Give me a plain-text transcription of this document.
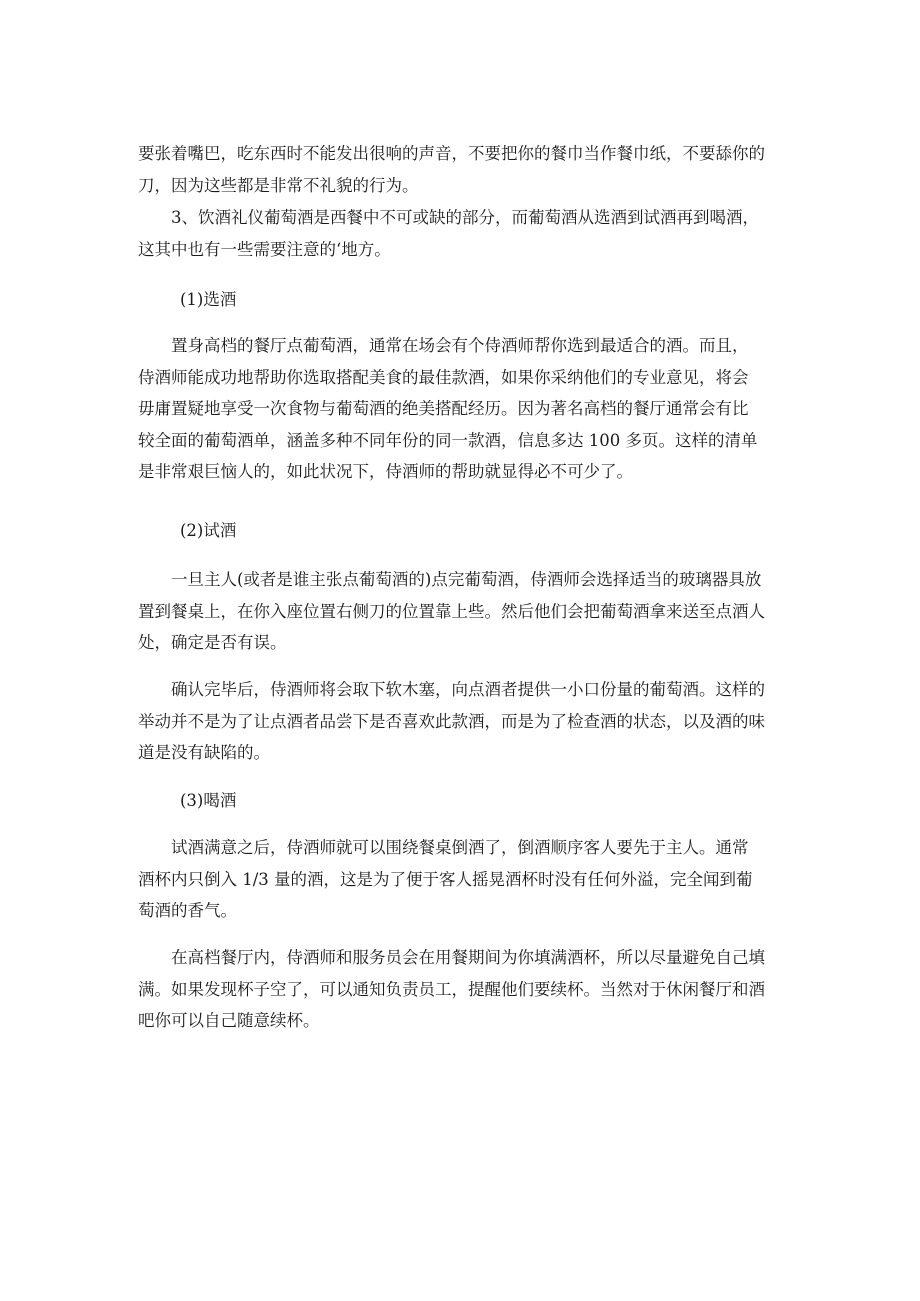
要张着嘴巴，吃东西时不能发出很响的声音，不要把你的餐巾当作餐巾纸，不要舔你的
刀，因为这些都是非常不礼貌的行为。

　　3、饮酒礼仪葡萄酒是西餐中不可或缺的部分，而葡萄酒从选酒到试酒再到喝酒，
这其中也有一些需要注意的‘地方。

(1)选酒

　　置身高档的餐厅点葡萄酒，通常在场会有个侍酒师帮你选到最适合的酒。而且，
侍酒师能成功地帮助你选取搭配美食的最佳款酒，如果你采纳他们的专业意见，将会
毋庸置疑地享受一次食物与葡萄酒的绝美搭配经历。因为著名高档的餐厅通常会有比
较全面的葡萄酒单，涵盖多种不同年份的同一款酒，信息多达 100 多页。这样的清单
是非常艰巨恼人的，如此状况下，侍酒师的帮助就显得必不可少了。

(2)试酒

　　一旦主人(或者是谁主张点葡萄酒的)点完葡萄酒，侍酒师会选择适当的玻璃器具放
置到餐桌上，在你入座位置右侧刀的位置靠上些。然后他们会把葡萄酒拿来送至点酒人
处，确定是否有误。

　　确认完毕后，侍酒师将会取下软木塞，向点酒者提供一小口份量的葡萄酒。这样的
举动并不是为了让点酒者品尝下是否喜欢此款酒，而是为了检查酒的状态，以及酒的味
道是没有缺陷的。

(3)喝酒

　　试酒满意之后，侍酒师就可以围绕餐桌倒酒了，倒酒顺序客人要先于主人。通常
酒杯内只倒入 1/3 量的酒，这是为了便于客人摇晃酒杯时没有任何外溢，完全闻到葡
萄酒的香气。

　　在高档餐厅内，侍酒师和服务员会在用餐期间为你填满酒杯，所以尽量避免自己填
满。如果发现杯子空了，可以通知负责员工，提醒他们要续杯。当然对于休闲餐厅和酒
吧你可以自己随意续杯。
